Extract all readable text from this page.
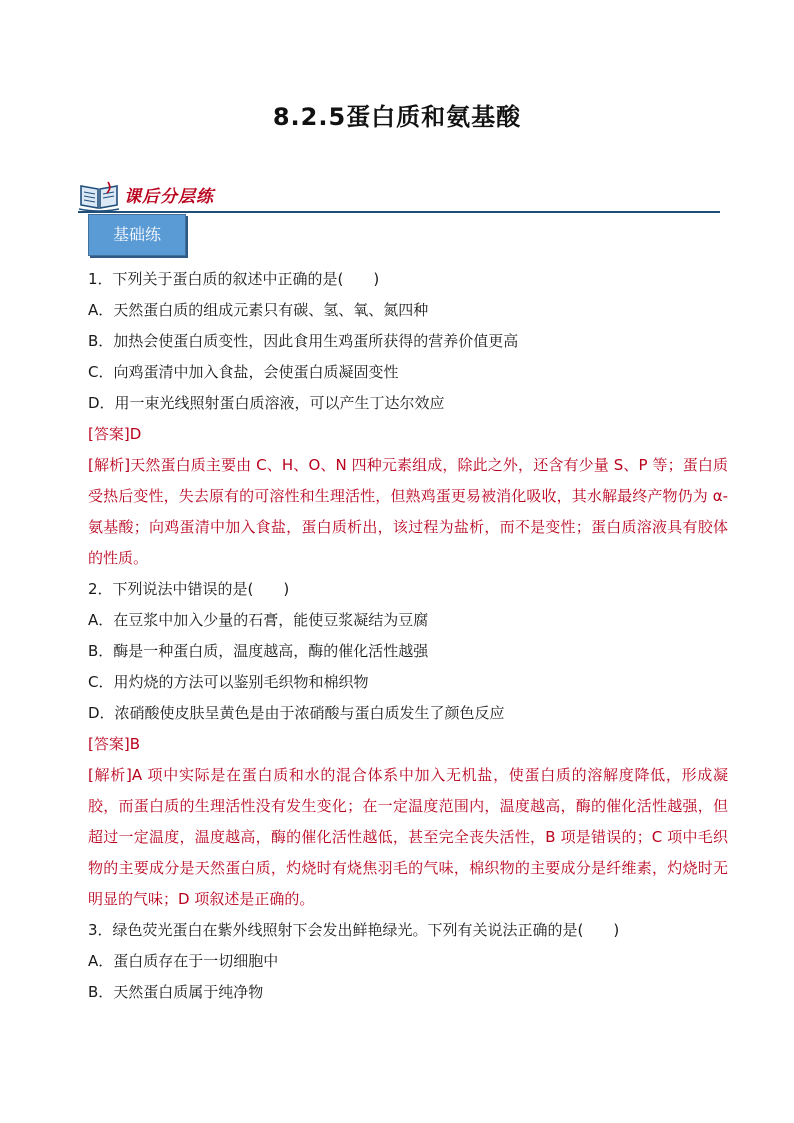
8.2.5蛋白质和氨基酸
课后分层练
基础练
1．下列关于蛋白质的叙述中正确的是(　　)
A．天然蛋白质的组成元素只有碳、氢、氧、氮四种
B．加热会使蛋白质变性，因此食用生鸡蛋所获得的营养价值更高
C．向鸡蛋清中加入食盐，会使蛋白质凝固变性
D．用一束光线照射蛋白质溶液，可以产生丁达尔效应
[答案]D
[解析]天然蛋白质主要由 C、H、O、N 四种元素组成，除此之外，还含有少量 S、P 等；蛋白质受热后变性，失去原有的可溶性和生理活性，但熟鸡蛋更易被消化吸收，其水解最终产物仍为 α-氨基酸；向鸡蛋清中加入食盐，蛋白质析出，该过程为盐析，而不是变性；蛋白质溶液具有胶体的性质。
2．下列说法中错误的是(　　)
A．在豆浆中加入少量的石膏，能使豆浆凝结为豆腐
B．酶是一种蛋白质，温度越高，酶的催化活性越强
C．用灼烧的方法可以鉴别毛织物和棉织物
D．浓硝酸使皮肤呈黄色是由于浓硝酸与蛋白质发生了颜色反应
[答案]B
[解析]A 项中实际是在蛋白质和水的混合体系中加入无机盐，使蛋白质的溶解度降低，形成凝胶，而蛋白质的生理活性没有发生变化；在一定温度范围内，温度越高，酶的催化活性越强，但超过一定温度，温度越高，酶的催化活性越低，甚至完全丧失活性，B 项是错误的；C 项中毛织物的主要成分是天然蛋白质，灼烧时有烧焦羽毛的气味，棉织物的主要成分是纤维素，灼烧时无明显的气味；D 项叙述是正确的。
3．绿色荧光蛋白在紫外线照射下会发出鲜艳绿光。下列有关说法正确的是(　　)
A．蛋白质存在于一切细胞中
B．天然蛋白质属于纯净物
